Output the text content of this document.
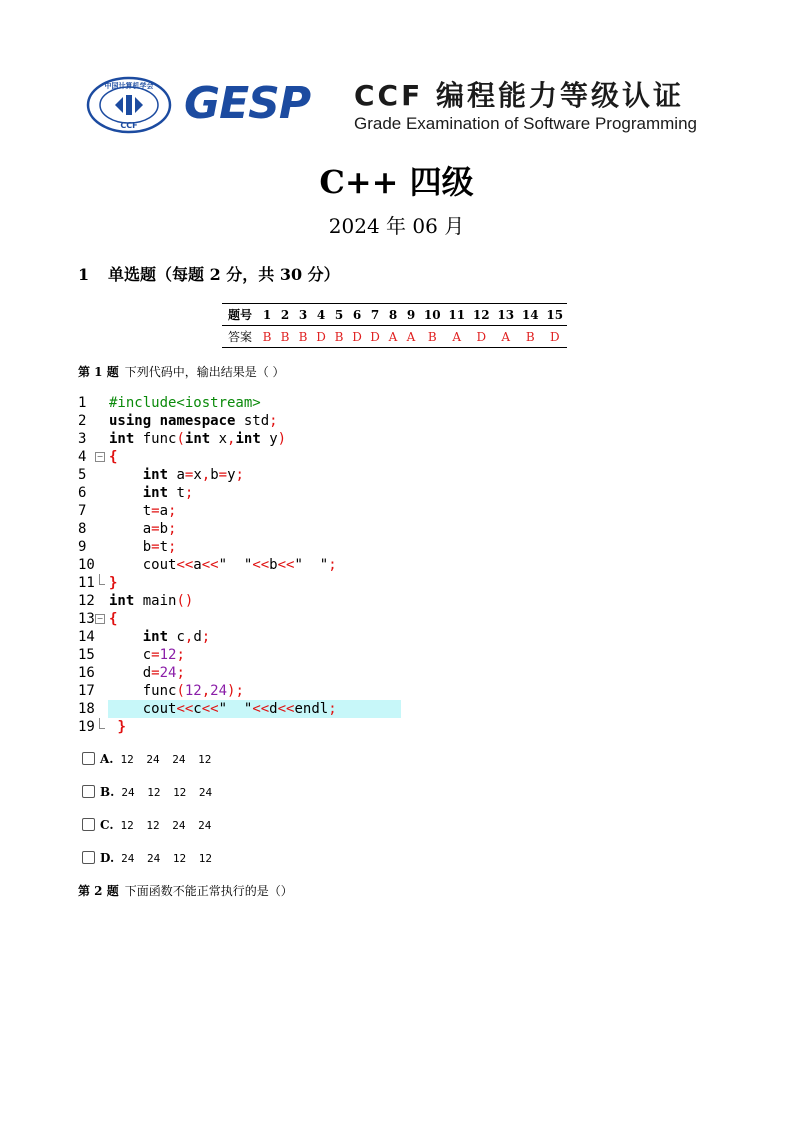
中国计算机学会
CCF GESP CCF 编程能力等级认证
Grade Examination of Software Programming
C++ 四级
2024 年 06 月
1 单选题（每题 2 分，共 30 分）
题号	1	2	3	4	5	6	7	8	9	10	11	12	13	14	15
答案	B	B	B	D	B	D	D	A	A	B	A	D	A	B	D
第 1 题 下列代码中，输出结果是（ ）
1	#include<iostream>
2	using namespace std;
3	int func(int x,int y)
4	− {
5	int a=x,b=y;
6	int t;
7	t=a;
8	a=b;
9	b=t;
10	cout<<a<<"  "<<b<<"  ";
11	}
12	int main()
13 − {
14	int c,d;
15	c=12;
16	d=24;
17	func(12,24);
18	cout<<c<<"  "<<d<<endl;
19	}
A. 12 24 24 12
B. 24 12 12 24
C. 12 12 24 24
D. 24 24 12 12
第 2 题 下面函数不能正常执行的是（）
